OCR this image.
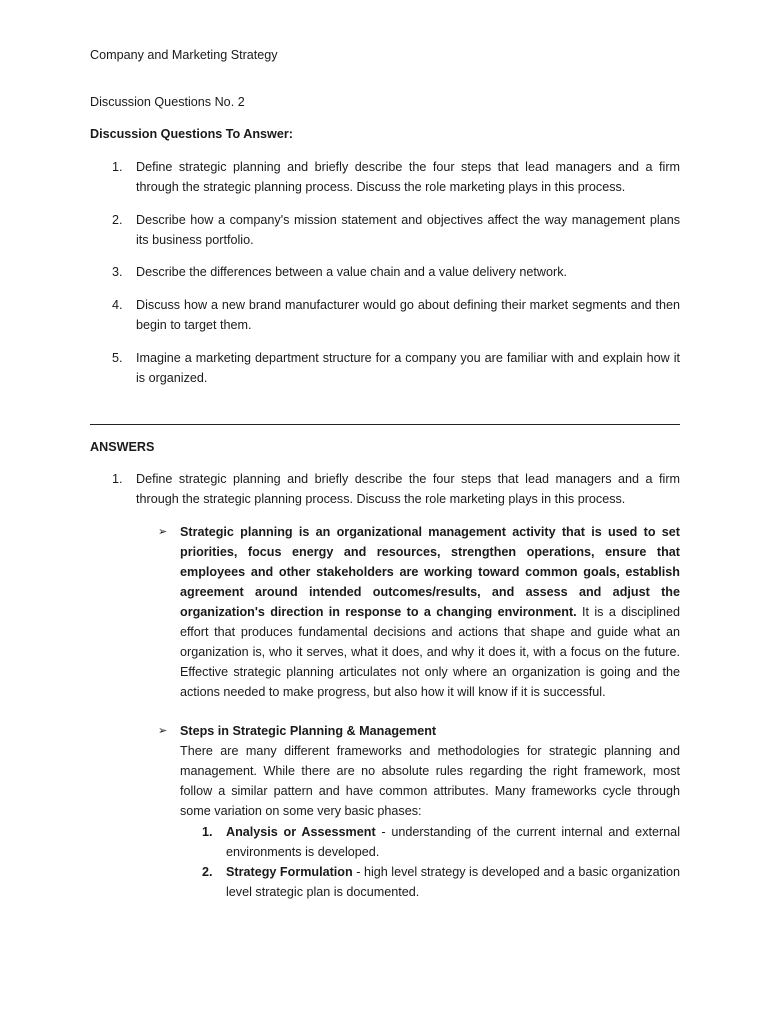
Company and Marketing Strategy
Discussion Questions No. 2
Discussion Questions To Answer:
1.	Define strategic planning and briefly describe the four steps that lead managers and a firm through the strategic planning process. Discuss the role marketing plays in this process.
2.	Describe how a company's mission statement and objectives affect the way management plans its business portfolio.
3.	Describe the differences between a value chain and a value delivery network.
4.	Discuss how a new brand manufacturer would go about defining their market segments and then begin to target them.
5.	Imagine a marketing department structure for a company you are familiar with and explain how it is organized.
ANSWERS
1.	Define strategic planning and briefly describe the four steps that lead managers and a firm through the strategic planning process. Discuss the role marketing plays in this process.
➢ Strategic planning is an organizational management activity that is used to set priorities, focus energy and resources, strengthen operations, ensure that employees and other stakeholders are working toward common goals, establish agreement around intended outcomes/results, and assess and adjust the organization's direction in response to a changing environment. It is a disciplined effort that produces fundamental decisions and actions that shape and guide what an organization is, who it serves, what it does, and why it does it, with a focus on the future. Effective strategic planning articulates not only where an organization is going and the actions needed to make progress, but also how it will know if it is successful.
➢ Steps in Strategic Planning & Management
There are many different frameworks and methodologies for strategic planning and management. While there are no absolute rules regarding the right framework, most follow a similar pattern and have common attributes. Many frameworks cycle through some variation on some very basic phases:
1. Analysis or Assessment - understanding of the current internal and external environments is developed.
2. Strategy Formulation - high level strategy is developed and a basic organization level strategic plan is documented.
